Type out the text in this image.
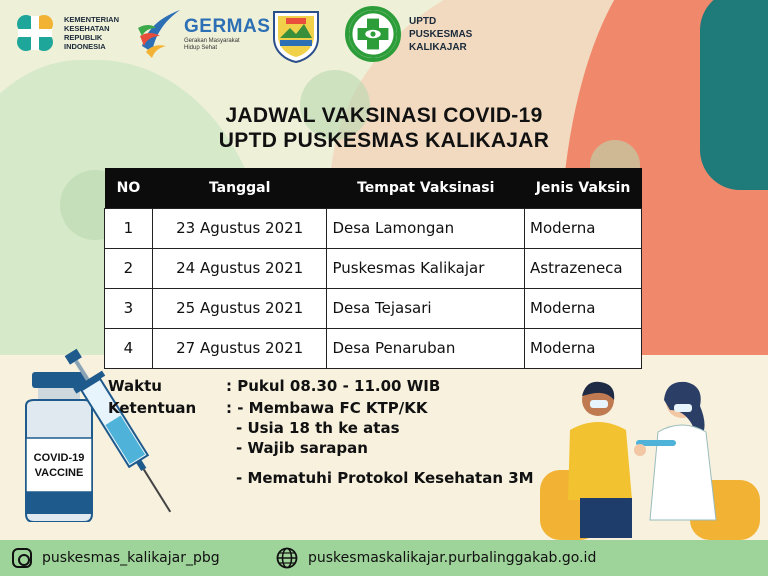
KEMENTERIAN
KESEHATAN
REPUBLIK
INDONESIA
GERMAS
Gerakan Masyarakat
Hidup Sehat
UPTD
PUSKESMAS
KALIKAJAR
JADWAL VAKSINASI COVID-19
UPTD PUSKESMAS KALIKAJAR
NO	Tanggal	Tempat Vaksinasi	Jenis Vaksin
1	23 Agustus 2021	Desa Lamongan	Moderna
2	24 Agustus 2021	Puskesmas Kalikajar	Astrazeneca
3	25 Agustus 2021	Desa Tejasari	Moderna
4	27 Agustus 2021	Desa Penaruban	Moderna
COVID-19
VACCINE
Waktu	: Pukul 08.30 - 11.00 WIB
Ketentuan : - Membawa FC KTP/KK
- Usia 18 th ke atas
- Wajib sarapan
- Mematuhi Protokol Kesehatan 3M
puskesmas_kalikajar_pbg	puskesmaskalikajar.purbalinggakab.go.id
